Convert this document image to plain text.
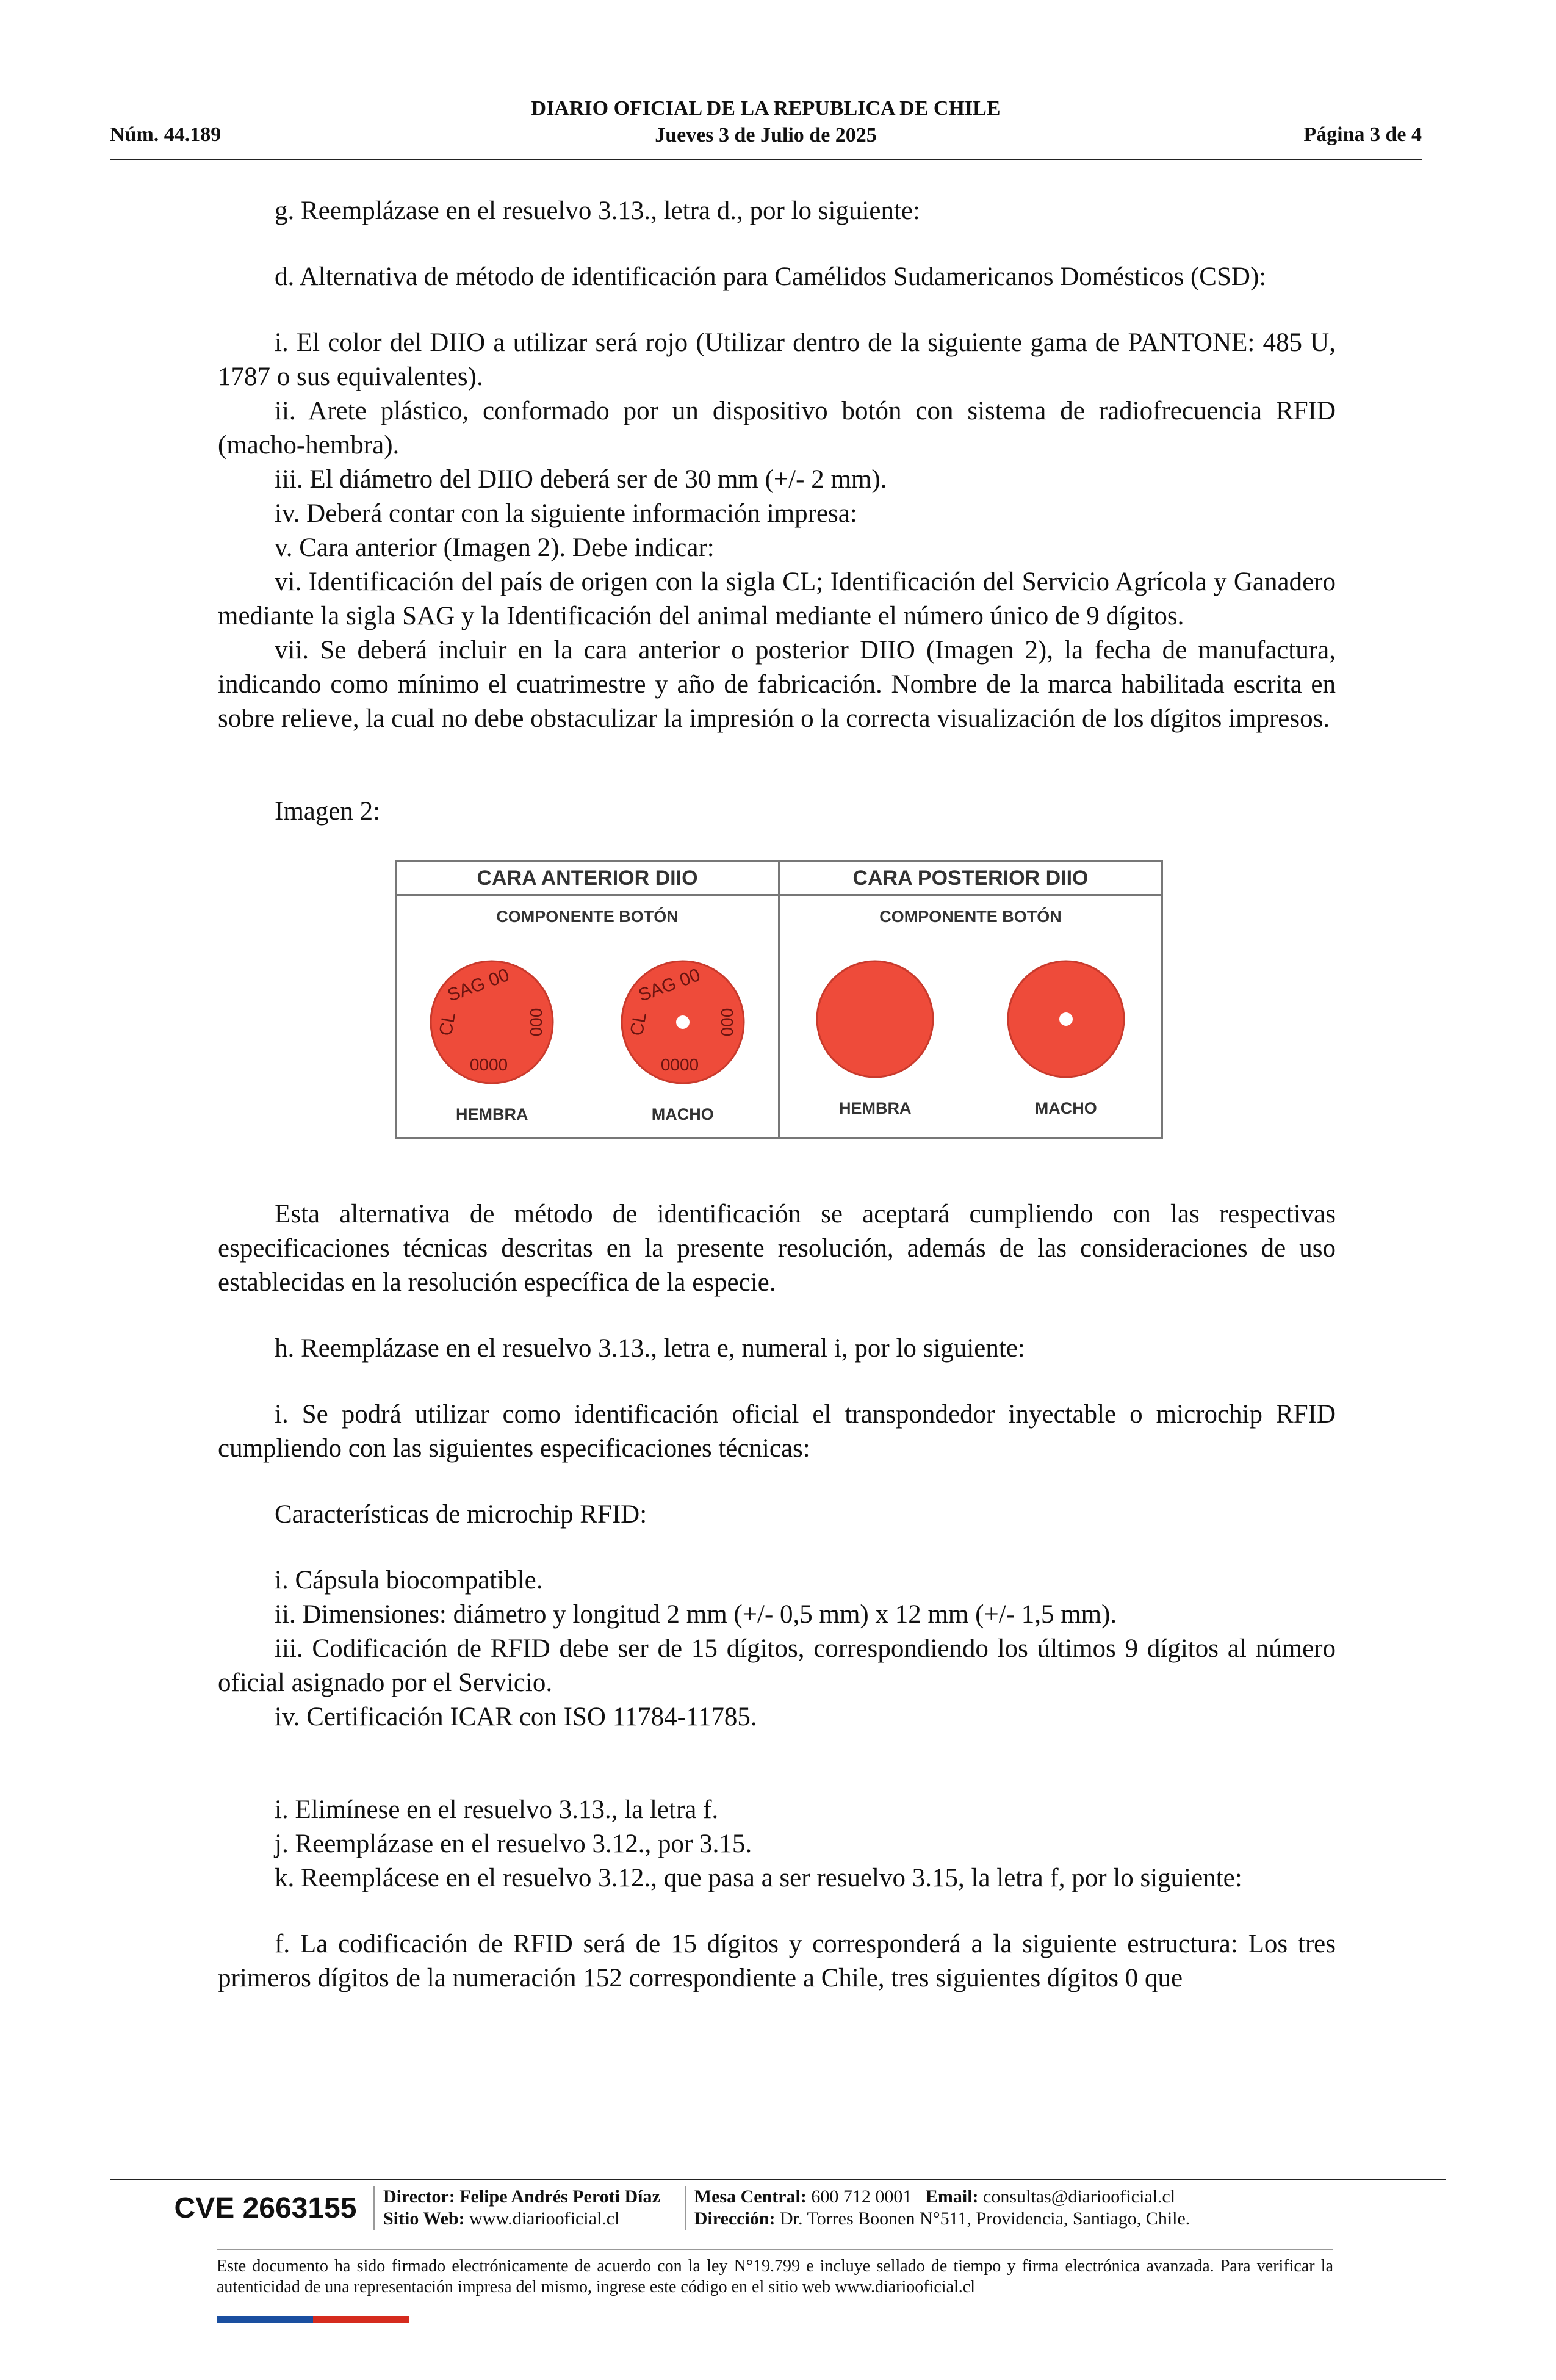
DIARIO OFICIAL DE LA REPUBLICA DE CHILE
Jueves 3 de Julio de 2025
Núm. 44.189	Página 3 de 4

g. Reemplázase en el resuelvo 3.13., letra d., por lo siguiente:

d. Alternativa de método de identificación para Camélidos Sudamericanos Domésticos (CSD):

i. El color del DIIO a utilizar será rojo (Utilizar dentro de la siguiente gama de PANTONE: 485 U, 1787 o sus equivalentes).

ii. Arete plástico, conformado por un dispositivo botón con sistema de radiofrecuencia RFID (macho-hembra).

iii. El diámetro del DIIO deberá ser de 30 mm (+/- 2 mm).

iv. Deberá contar con la siguiente información impresa:

v. Cara anterior (Imagen 2). Debe indicar:

vi. Identificación del país de origen con la sigla CL; Identificación del Servicio Agrícola y Ganadero mediante la sigla SAG y la Identificación del animal mediante el número único de 9 dígitos.

vii. Se deberá incluir en la cara anterior o posterior DIIO (Imagen 2), la fecha de manufactura, indicando como mínimo el cuatrimestre y año de fabricación. Nombre de la marca habilitada escrita en sobre relieve, la cual no debe obstaculizar la impresión o la correcta visualización de los dígitos impresos.

Imagen 2:

CARA ANTERIOR DIIO
COMPONENTE BOTÓN
SAG 00
CL	000
0000
HEMBRA
SAG 00
CL	000
0000
MACHO
CARA POSTERIOR DIIO
COMPONENTE BOTÓN
HEMBRA	MACHO

Esta alternativa de método de identificación se aceptará cumpliendo con las respectivas especificaciones técnicas descritas en la presente resolución, además de las consideraciones de uso establecidas en la resolución específica de la especie.

h. Reemplázase en el resuelvo 3.13., letra e, numeral i, por lo siguiente:

i. Se podrá utilizar como identificación oficial el transpondedor inyectable o microchip RFID cumpliendo con las siguientes especificaciones técnicas:

Características de microchip RFID:

i. Cápsula biocompatible.

ii. Dimensiones: diámetro y longitud 2 mm (+/- 0,5 mm) x 12 mm (+/- 1,5 mm).

iii. Codificación de RFID debe ser de 15 dígitos, correspondiendo los últimos 9 dígitos al número oficial asignado por el Servicio.

iv. Certificación ICAR con ISO 11784-11785.

i. Elimínese en el resuelvo 3.13., la letra f.

j. Reemplázase en el resuelvo 3.12., por 3.15.

k. Reemplácese en el resuelvo 3.12., que pasa a ser resuelvo 3.15, la letra f, por lo siguiente:

f. La codificación de RFID será de 15 dígitos y corresponderá a la siguiente estructura: Los tres primeros dígitos de la numeración 152 correspondiente a Chile, tres siguientes dígitos 0 que

CVE 2663155	Director: Felipe Andrés Peroti Díaz
Sitio Web: www.diariooficial.cl
Mesa Central: 600 712 0001 Email: consultas@diariooficial.cl
Dirección: Dr. Torres Boonen N°511, Providencia, Santiago, Chile.
Este documento ha sido firmado electrónicamente de acuerdo con la ley N°19.799 e incluye sellado de tiempo y firma electrónica avanzada. Para verificar la autenticidad de una representación impresa del mismo, ingrese este código en el sitio web www.diariooficial.cl
